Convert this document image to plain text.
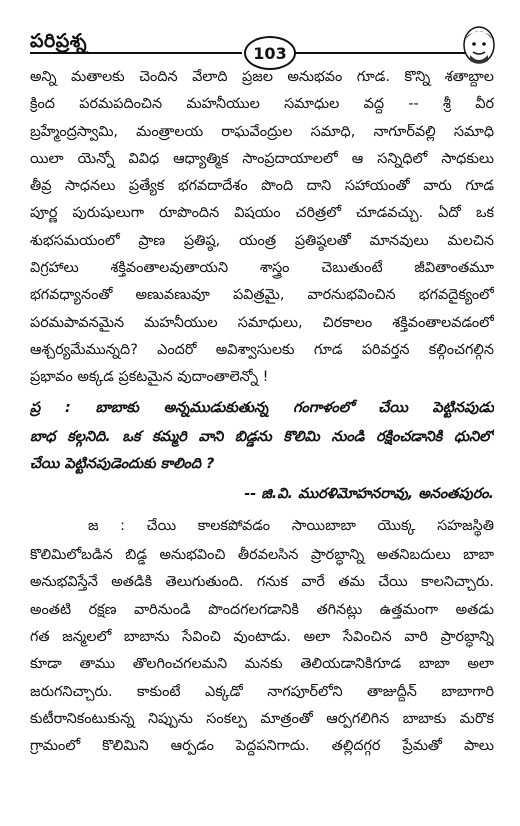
పరిప్రశ్న
103
అన్ని మతాలకు చెందిన వేలాది ప్రజల అనుభవం గూడ. కొన్ని శతాబ్దాల
క్రింద పరమపదించిన మహనీయుల సమాధుల వద్ద -- శ్రీ వీర
బ్రహ్మేంద్రస్వామి, మంత్రాలయ రాఘవేంద్రుల సమాధి, నాగూర్‌వల్లి సమాధి
యిలా యెన్నో వివిధ ఆధ్యాత్మిక సాంప్రదాయాలలో ఆ సన్నిధిలో సాధకులు
తీవ్ర సాధనలు ప్రత్యేక భగవదాదేశం పొంది దాని సహాయంతో వారు గూడ
పూర్ణ పురుషులుగా రూపొందిన విషయం చరిత్రలో చూడవచ్చు. ఏదో ఒక
శుభసమయంలో ప్రాణ ప్రతిష్ఠ, యంత్ర ప్రతిష్ఠలతో మానవులు మలచిన
విగ్రహాలు శక్తివంతాలవుతాయని శాస్త్రం చెబుతుంటే జీవితాంతమూ
భగవధ్యానంతో అణువణువూ పవిత్రమై, వారనుభవించిన భగవదైక్యంలో
పరమపావనమైన మహనీయుల సమాధులు, చిరకాలం శక్తివంతాలవడంలో
ఆశ్చర్యమేమున్నది? ఎందరో అవిశ్వాసులకు గూడ పరివర్తన కల్గించగల్గిన
ప్రభావం అక్కడ ప్రకటమైన వుదాంతాలెన్నో !
ప్ర : బాబాకు అన్నముడుకుతున్న గంగాళంలో చేయి పెట్టినపుడు
బాధ కల్గనిది. ఒక కమ్మరి వాని బిడ్డను కొలిమి నుండి రక్షించడానికి ధునిలో
చేయి పెట్టినపుడెందుకు కాలింది ?
-- జి.వి. మురళిమోహనరావు, అనంతపురం.
జ : చేయి కాలకపోవడం సాయిబాబా యొక్క సహజస్థితి
కొలిమిలోబడిన బిడ్డ అనుభవించి తీరవలసిన ప్రారబ్ధాన్ని అతనిబదులు బాబా
అనుభవిస్తేనే అతడికి తెలుగుతుంది. గనుక వారే తమ చేయి కాలనిచ్చారు.
అంతటి రక్షణ వారినుండి పొందగలగడానికి తగినట్లు ఉత్తమంగా అతడు
గత జన్మలలో బాబాను సేవించి వుంటాడు. అలా సేవించిన వారి ప్రారబ్ధాన్ని
కూడా తాము తొలగించగలమని మనకు తెలియడానికిగూడ బాబా అలా
జరుగనిచ్చారు. కాకుంటే ఎక్కడో నాగపూర్‌లోని తాజుద్దీన్ బాబాగారి
కుటీరానికంటుకున్న నిప్పును సంకల్ప మాత్రంతో ఆర్పగలిగిన బాబాకు మరొక
గ్రామంలో కొలిమిని ఆర్పడం పెద్దపనిగాదు. తల్లిదగ్గర ప్రేమతో పాలు
